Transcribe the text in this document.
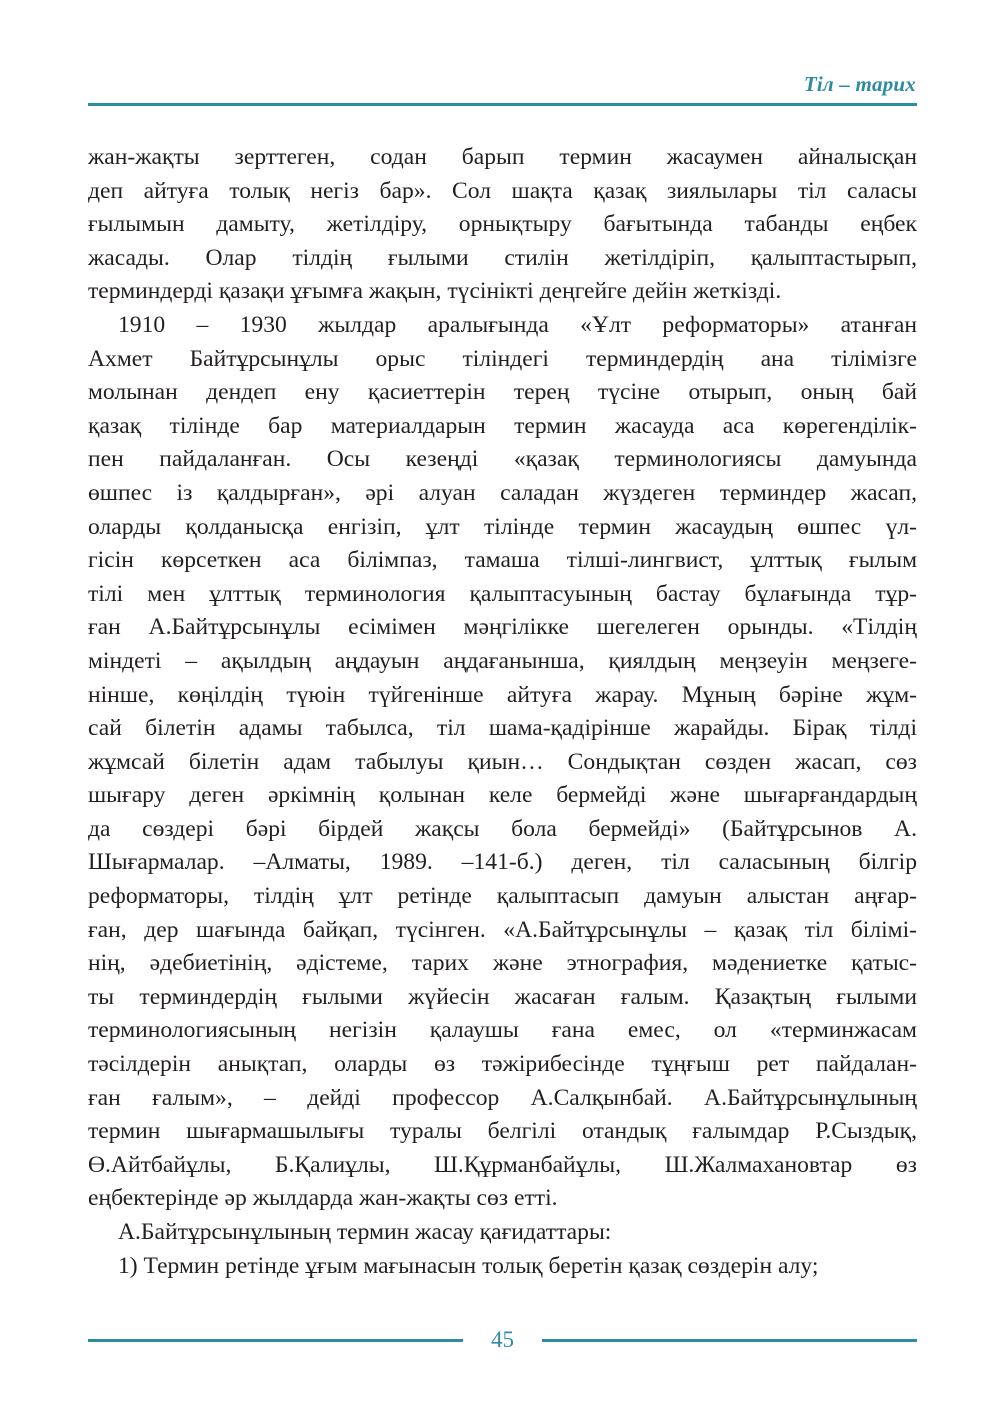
Тіл – тарих
жан-жақты зерттеген, содан барып термин жасаумен айналысқан
деп айтуға толық негіз бар». Сол шақта қазақ зиялылары тіл саласы
ғылымын дамыту, жетілдіру, орнықтыру бағытында табанды еңбек
жасады. Олар тілдің ғылыми стилін жетілдіріп, қалыптастырып,
терминдерді қазақи ұғымға жақын, түсінікті деңгейге дейін жеткізді.
1910 – 1930 жылдар аралығында «Ұлт реформаторы» атанған
Ахмет Байтұрсынұлы орыс тіліндегі терминдердің ана тілімізге
молынан дендеп ену қасиеттерін терең түсіне отырып, оның бай
қазақ тілінде бар материалдарын термин жасауда аса көрегенділік-
пен пайдаланған. Осы кезеңді «қазақ терминологиясы дамуында
өшпес із қалдырған», әрі алуан саладан жүздеген терминдер жасап,
оларды қолданысқа енгізіп, ұлт тілінде термин жасаудың өшпес үл-
гісін көрсеткен аса білімпаз, тамаша тілші-лингвист, ұлттық ғылым
тілі мен ұлттық терминология қалыптасуының бастау бұлағында тұр-
ған А.Байтұрсынұлы есімімен мәңгілікке шегелеген орынды. «Тілдің
міндеті – ақылдың аңдауын аңдағанынша, қиялдың меңзеуін меңзеге-
нінше, көңілдің түюін түйгенінше айтуға жарау. Мұның бәріне жұм-
сай білетін адамы табылса, тіл шама-қадірінше жарайды. Бірақ тілді
жұмсай білетін адам табылуы қиын… Сондықтан сөзден жасап, сөз
шығару деген әркімнің қолынан келе бермейді және шығарғандардың
да сөздері бәрі бірдей жақсы бола бермейді» (Байтұрсынов А.
Шығармалар. –Алматы, 1989. –141-б.) деген, тіл саласының білгір
реформаторы, тілдің ұлт ретінде қалыптасып дамуын алыстан аңғар-
ған, дер шағында байқап, түсінген. «А.Байтұрсынұлы – қазақ тіл білімі-
нің, әдебиетінің, әдістеме, тарих және этнография, мәдениетке қатыс-
ты терминдердің ғылыми жүйесін жасаған ғалым. Қазақтың ғылыми
терминологиясының негізін қалаушы ғана емес, ол «терминжасам
тәсілдерін анықтап, оларды өз тәжірибесінде тұңғыш рет пайдалан-
ған ғалым», – дейді профессор А.Салқынбай. А.Байтұрсынұлының
термин шығармашылығы туралы белгілі отандық ғалымдар Р.Сыздық,
Ө.Айтбайұлы, Б.Қалиұлы, Ш.Құрманбайұлы, Ш.Жалмахановтар өз
еңбектерінде әр жылдарда жан-жақты сөз етті.
А.Байтұрсынұлының термин жасау қағидаттары:
1) Термин ретінде ұғым мағынасын толық беретін қазақ сөздерін алу;
45
